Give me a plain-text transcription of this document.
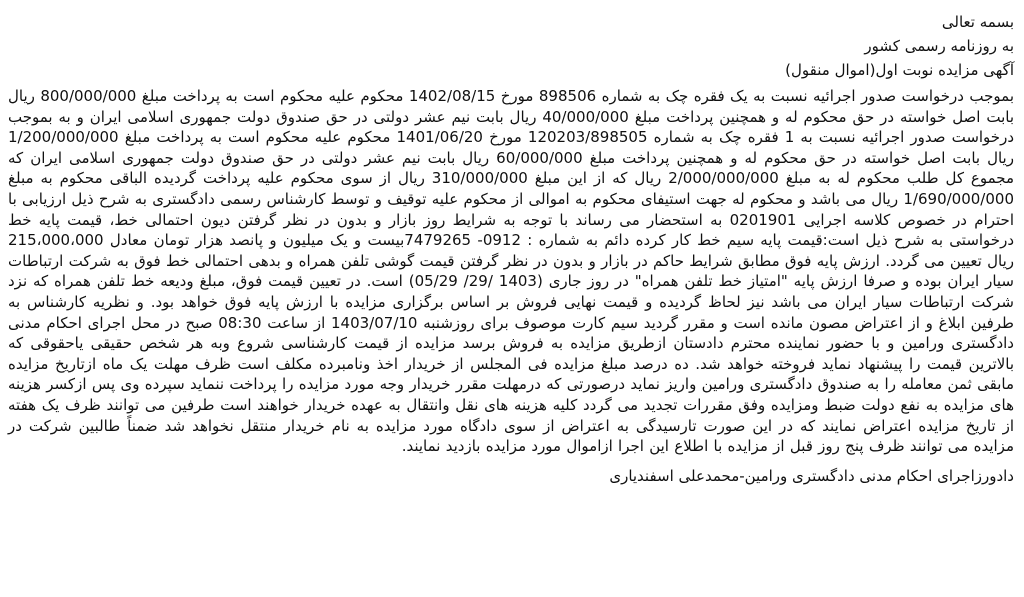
بسمه تعالی

به روزنامه رسمی کشور

آگهی مزایده نوبت اول(اموال منقول)

بموجب درخواست صدور اجرائیه نسبت به یک فقره چک به شماره 898506 مورخ 1402/08/15 محکوم علیه محکوم است به پرداخت مبلغ 800/000/000 ریال بابت اصل خواسته در حق محکوم له و همچنین پرداخت مبلغ 40/000/000 ریال بابت نیم عشر دولتی در حق صندوق دولت جمهوری اسلامی ایران و به بموجب درخواست صدور اجرائیه نسبت به 1 فقره چک به شماره 120203/898505 مورخ 1401/06/20 محکوم علیه محکوم است به پرداخت مبلغ 1/200/000/000 ریال بابت اصل خواسته در حق محکوم له و همچنین پرداخت مبلغ 60/000/000 ریال بابت نیم عشر دولتی در حق صندوق دولت جمهوری اسلامی ایران که مجموع کل طلب محکوم له به مبلغ 2/000/000/000 ریال که از این مبلغ 310/000/000 ریال از سوی محکوم علیه پرداخت گردیده الباقی محکوم به مبلغ 1/690/000/000 ریال می باشد و محکوم له جهت استیفای محکوم به اموالی از محکوم علیه توقیف و توسط کارشناس رسمی دادگستری به شرح ذیل ارزیابی با احترام در خصوص کلاسه اجرایی 0201901 به استحضار می رساند با توجه به شرایط روز بازار و بدون در نظر گرفتن دیون احتمالی خط، قیمت پایه خط درخواستی به شرح ذیل است:قیمت پایه سیم خط کار کرده دائم به شماره : 0912- 7479265بیست و یک میلیون و پانصد هزار تومان معادل 215،000،000 ریال تعیین می گردد. ارزش پایه فوق مطابق شرایط حاکم در بازار و بدون در نظر گرفتن قیمت گوشی تلفن همراه و بدهی احتمالی خط فوق به شرکت ارتباطات سیار ایران بوده و صرفا ارزش پایه "امتیاز خط تلفن همراه" در روز جاری (1403 /29/ 05/29) است. در تعیین قیمت فوق، مبلغ ودیعه خط تلفن همراه که نزد شرکت ارتباطات سیار ایران می باشد نیز لحاظ گردیده و قیمت نهایی فروش بر اساس برگزاری مزایده با ارزش پایه فوق خواهد بود. و نظریه کارشناس به طرفین ابلاغ و از اعتراض مصون مانده است و مقرر گردید سیم کارت موصوف برای روزشنبه 1403/07/10 از ساعت 08:30 صبح در محل اجرای احکام مدنی دادگستری ورامین و با حضور نماینده محترم دادستان ازطریق مزایده به فروش برسد مزایده از قیمت کارشناسی شروع وبه هر شخص حقیقی یاحقوقی که بالاترین قیمت را پیشنهاد نماید فروخته خواهد شد. ده درصد مبلغ مزایده فی المجلس از خریدار اخذ ونامبرده مکلف است ظرف مهلت یک ماه ازتاریخ مزایده مابقی ثمن معامله را به صندوق دادگستری ورامین واریز نماید درصورتی که درمهلت مقرر خریدار وجه مورد مزایده را پرداخت ننماید سپرده وی پس ازکسر هزینه های مزایده به نفع دولت ضبط ومزایده وفق مقررات تجدید می گردد کلیه هزینه های نقل وانتقال به عهده خریدار خواهند است طرفین می توانند ظرف یک هفته از تاریخ مزایده اعتراض نمایند که در این صورت تارسیدگی به اعتراض از سوی دادگاه مورد مزایده به نام خریدار منتقل نخواهد شد ضمناً طالبین شرکت در مزایده می توانند ظرف پنج روز قبل از مزایده با اطلاع این اجرا ازاموال مورد مزایده بازدید نمایند.

دادورزاجرای احکام مدنی دادگستری ورامین-محمدعلی اسفندیاری
